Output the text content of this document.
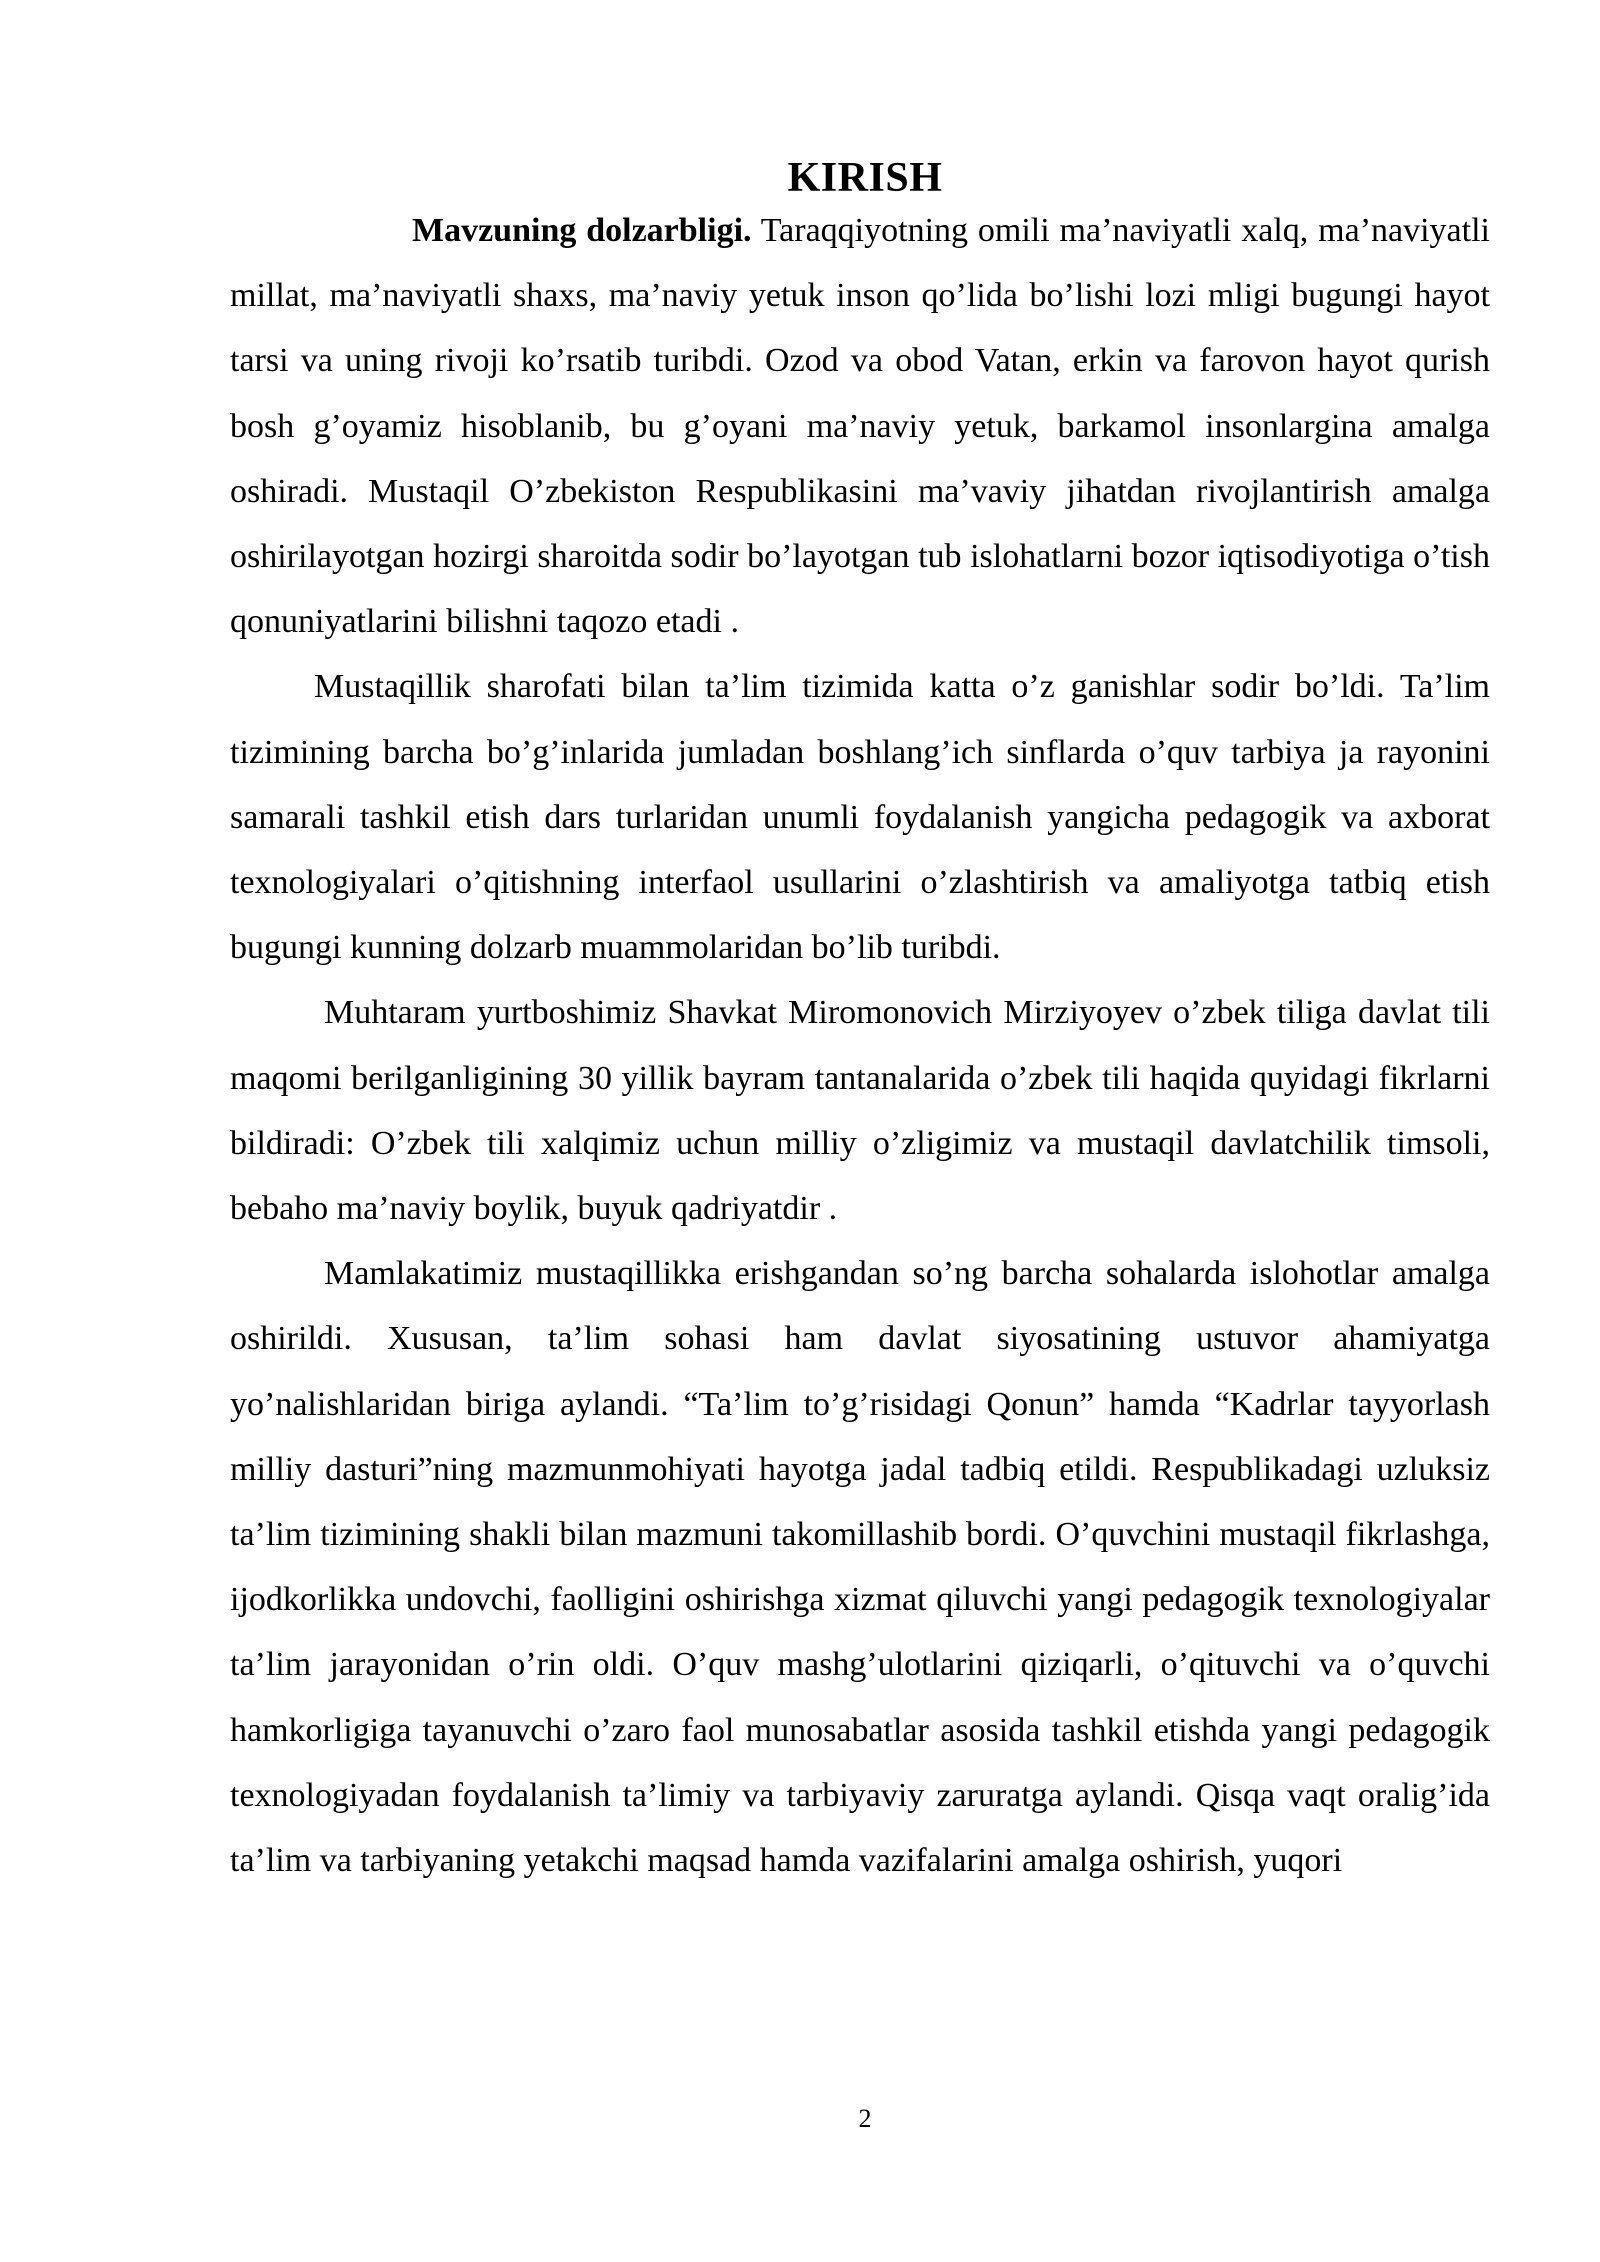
KIRISH

Mavzuning dolzarbligi. Taraqqiyotning omili ma’naviyatli xalq, ma’naviyatli millat, ma’naviyatli shaxs, ma’naviy yetuk inson qo’lida bo’lishi lozi mligi bugungi hayot tarsi va uning rivoji ko’rsatib turibdi. Ozod va obod Vatan, erkin va farovon hayot qurish bosh g’oyamiz hisoblanib, bu g’oyani ma’naviy yetuk, barkamol insonlargina amalga oshiradi. Mustaqil O’zbekiston Respublikasini ma’vaviy jihatdan rivojlantirish amalga oshirilayotgan hozirgi sharoitda sodir bo’layotgan tub islohatlarni bozor iqtisodiyotiga o’tish qonuniyatlarini bilishni taqozo etadi .

Mustaqillik sharofati bilan ta’lim tizimida katta o’z ganishlar sodir bo’ldi. Ta’lim tizimining barcha bo’g’inlarida jumladan boshlang’ich sinflarda o’quv tarbiya ja rayonini samarali tashkil etish dars turlaridan unumli foydalanish yangicha pedagogik va axborat texnologiyalari o’qitishning interfaol usullarini o’zlashtirish va amaliyotga tatbiq etish bugungi kunning dolzarb muammolaridan bo’lib turibdi.

Muhtaram yurtboshimiz Shavkat Miromonovich Mirziyoyev o’zbek tiliga davlat tili maqomi berilganligining 30 yillik bayram tantanalarida o’zbek tili haqida quyidagi fikrlarni bildiradi: O’zbek tili xalqimiz uchun milliy o’zligimiz va mustaqil davlatchilik timsoli, bebaho ma’naviy boylik, buyuk qadriyatdir .

Mamlakatimiz mustaqillikka erishgandan so’ng barcha sohalarda islohotlar amalga oshirildi. Xususan, ta’lim sohasi ham davlat siyosatining ustuvor ahamiyatga yo’nalishlaridan biriga aylandi. “Ta’lim to’g’risidagi Qonun” hamda “Kadrlar tayyorlash milliy dasturi”ning mazmunmohiyati hayotga jadal tadbiq etildi. Respublikadagi uzluksiz ta’lim tizimining shakli bilan mazmuni takomillashib bordi. O’quvchini mustaqil fikrlashga, ijodkorlikka undovchi, faolligini oshirishga xizmat qiluvchi yangi pedagogik texnologiyalar ta’lim jarayonidan o’rin oldi. O’quv mashg’ulotlarini qiziqarli, o’qituvchi va o’quvchi hamkorligiga tayanuvchi o’zaro faol munosabatlar asosida tashkil etishda yangi pedagogik texnologiyadan foydalanish ta’limiy va tarbiyaviy zaruratga aylandi. Qisqa vaqt oralig’ida ta’lim va tarbiyaning yetakchi maqsad hamda vazifalarini amalga oshirish, yuqori

2
